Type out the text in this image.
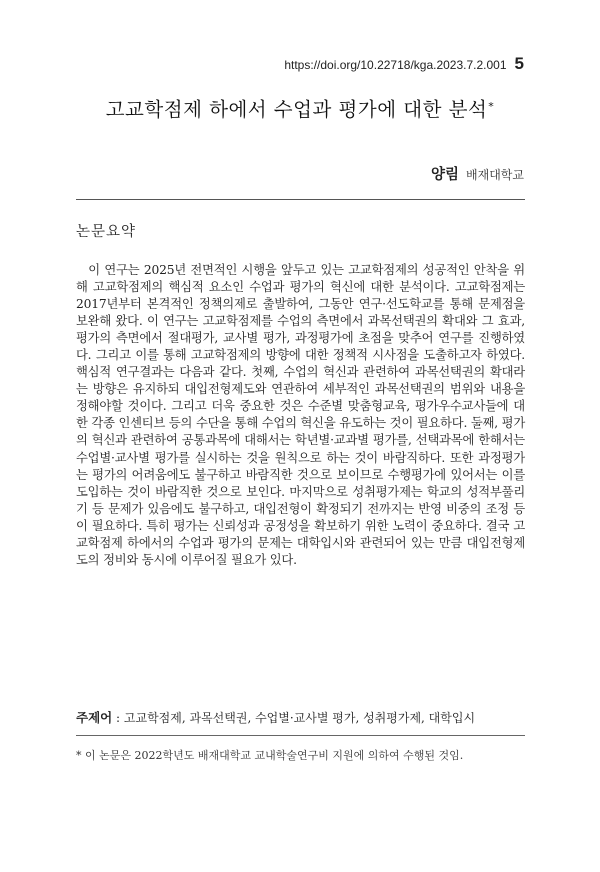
https://doi.org/10.22718/kga.2023.7.2.001 5
고교학점제 하에서 수업과 평가에 대한 분석*
양림 배재대학교
논문요약

이 연구는 2025년 전면적인 시행을 앞두고 있는 고교학점제의 성공적인 안착을 위해 고교학점제의 핵심적 요소인 수업과 평가의 혁신에 대한 분석이다. 고교학점제는 2017년부터 본격적인 정책의제로 출발하여, 그동안 연구·선도학교를 통해 문제점을 보완해 왔다. 이 연구는 고교학점제를 수업의 측면에서 과목선택권의 확대와 그 효과, 평가의 측면에서 절대평가, 교사별 평가, 과정평가에 초점을 맞추어 연구를 진행하였다. 그리고 이를 통해 고교학점제의 방향에 대한 정책적 시사점을 도출하고자 하였다. 핵심적 연구결과는 다음과 같다. 첫째, 수업의 혁신과 관련하여 과목선택권의 확대라는 방향은 유지하되 대입전형제도와 연관하여 세부적인 과목선택권의 범위와 내용을 정해야할 것이다. 그리고 더욱 중요한 것은 수준별 맞춤형교육, 평가우수교사들에 대한 각종 인센티브 등의 수단을 통해 수업의 혁신을 유도하는 것이 필요하다. 둘째, 평가의 혁신과 관련하여 공통과목에 대해서는 학년별·교과별 평가를, 선택과목에 한해서는 수업별·교사별 평가를 실시하는 것을 원칙으로 하는 것이 바람직하다. 또한 과정평가는 평가의 어려움에도 불구하고 바람직한 것으로 보이므로 수행평가에 있어서는 이를 도입하는 것이 바람직한 것으로 보인다. 마지막으로 성취평가제는 학교의 성적부풀리기 등 문제가 있음에도 불구하고, 대입전형이 확정되기 전까지는 반영 비중의 조정 등이 필요하다. 특히 평가는 신뢰성과 공정성을 확보하기 위한 노력이 중요하다. 결국 고교학점제 하에서의 수업과 평가의 문제는 대학입시와 관련되어 있는 만큼 대입전형제도의 정비와 동시에 이루어질 필요가 있다.

주제어 : 고교학점제, 과목선택권, 수업별·교사별 평가, 성취평가제, 대학입시
* 이 논문은 2022학년도 배재대학교 교내학술연구비 지원에 의하여 수행된 것임.
